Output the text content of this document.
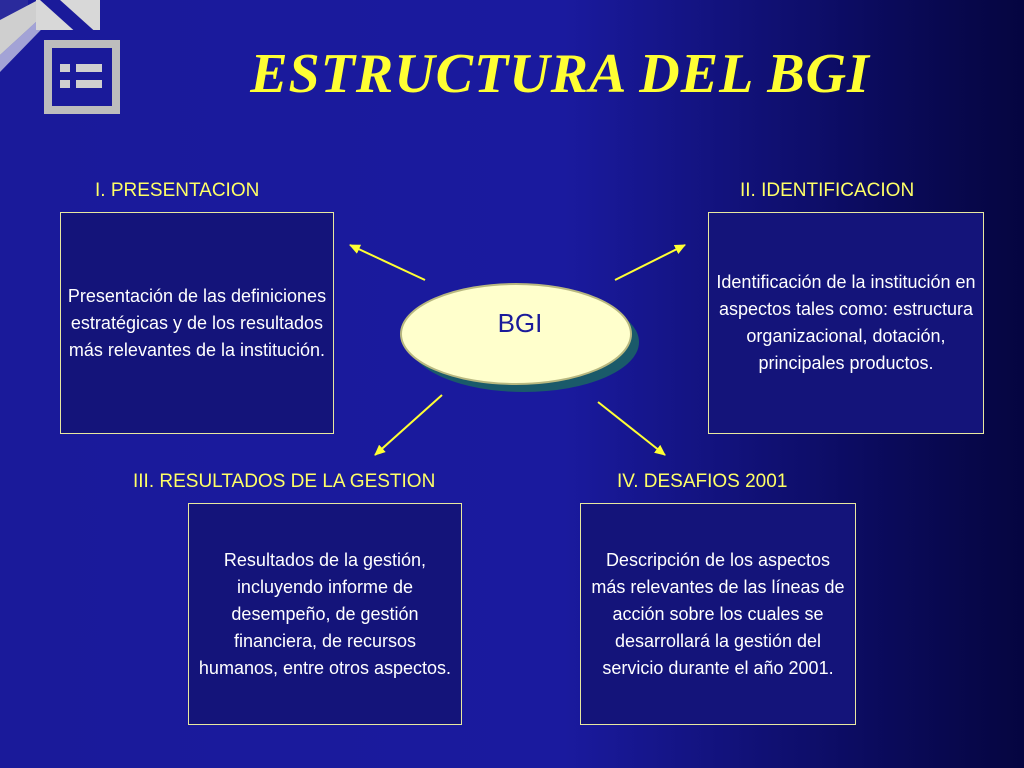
ESTRUCTURA DEL BGI
BGI
I. PRESENTACION
Presentación de las definiciones estratégicas y de los resultados más relevantes de la institución.
II. IDENTIFICACION
Identificación de la institución en aspectos tales como: estructura organizacional, dotación, principales productos.
III. RESULTADOS DE LA GESTION
Resultados de la gestión, incluyendo informe de desempeño, de gestión financiera, de recursos humanos, entre otros aspectos.
IV. DESAFIOS 2001
Descripción de los aspectos más relevantes de las líneas de acción sobre los cuales se desarrollará la gestión del servicio durante el año 2001.
